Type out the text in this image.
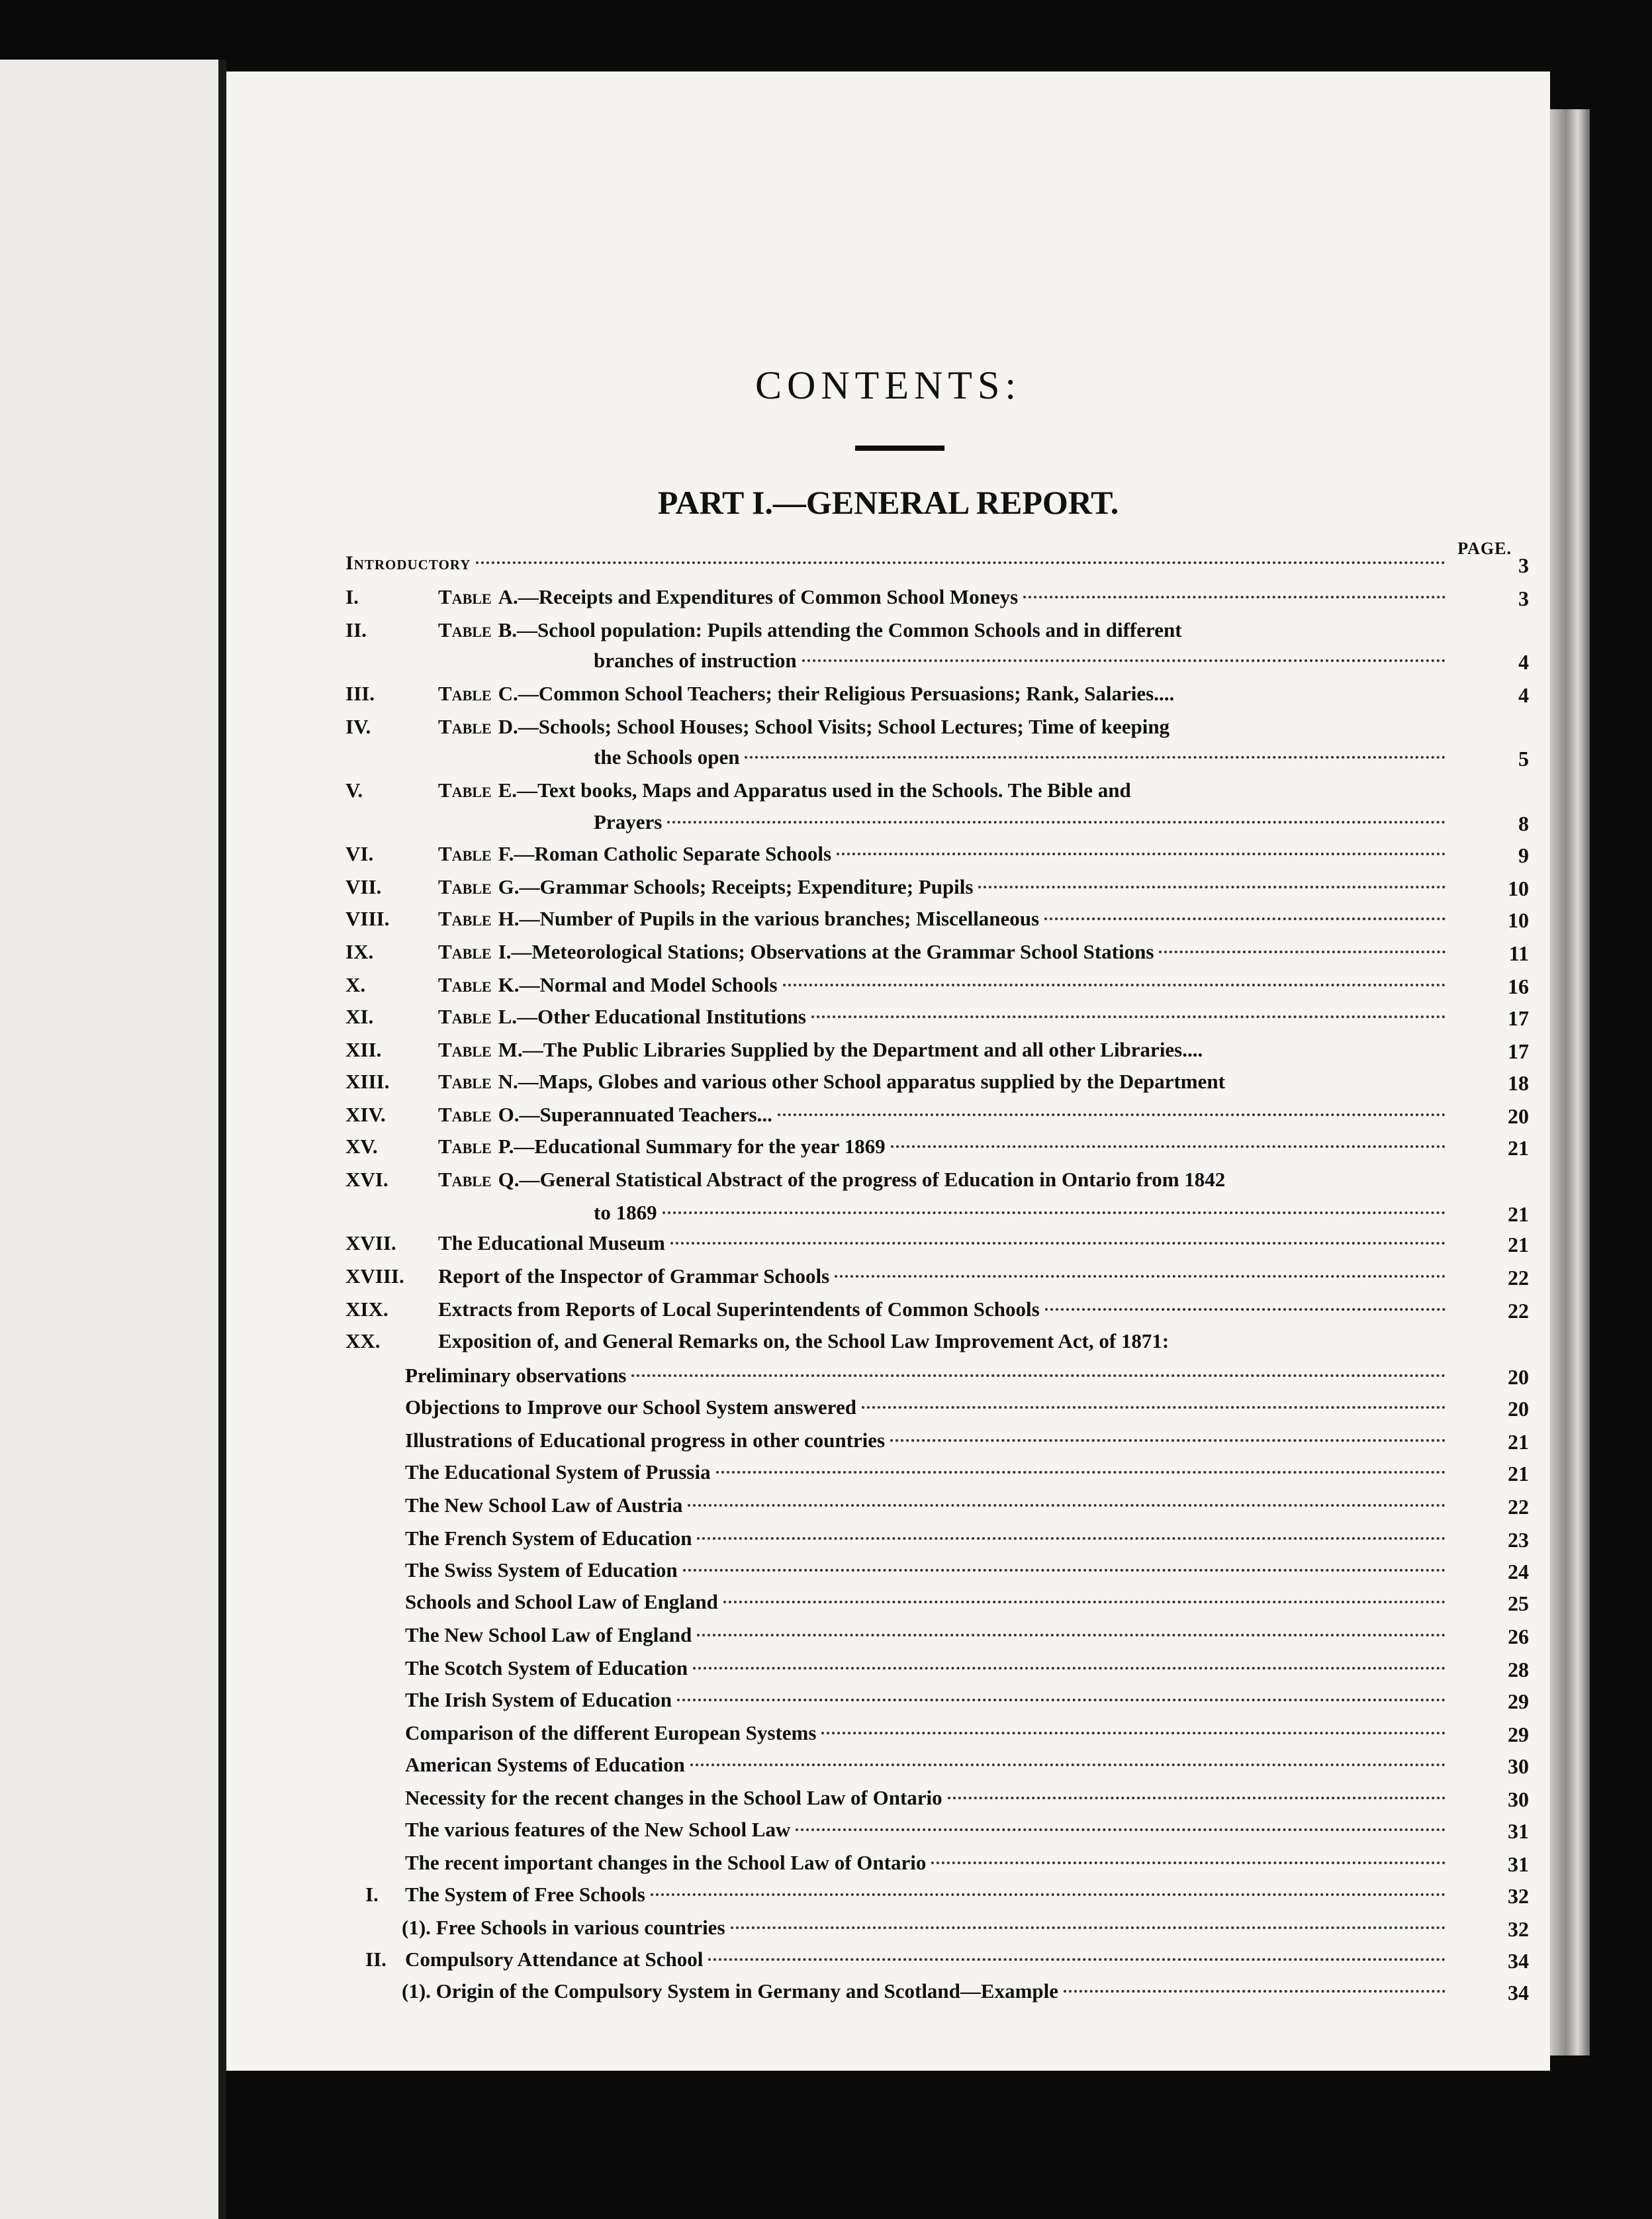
CONTENTS:
PART I.—GENERAL REPORT.
PAGE.
Introductory	3
I.	Table A.—Receipts and Expenditures of Common School Moneys	3
II.	Table B.—School population: Pupils attending the Common Schools and in different
branches of instruction	4
III.	Table C.—Common School Teachers; their Religious Persuasions; Rank, Salaries....	4
IV.	Table D.—Schools; School Houses; School Visits; School Lectures; Time of keeping
the Schools open	5
V.	Table E.—Text books, Maps and Apparatus used in the Schools. The Bible and
Prayers	8
VI.	Table F.—Roman Catholic Separate Schools	9
VII.	Table G.—Grammar Schools; Receipts; Expenditure; Pupils	10
VIII.	Table H.—Number of Pupils in the various branches; Miscellaneous	10
IX.	Table I.—Meteorological Stations; Observations at the Grammar School Stations	11
X.	Table K.—Normal and Model Schools	16
XI.	Table L.—Other Educational Institutions	17
XII.	Table M.—The Public Libraries Supplied by the Department and all other Libraries....	17
XIII.	Table N.—Maps, Globes and various other School apparatus supplied by the Department	18
XIV.	Table O.—Superannuated Teachers...	20
XV.	Table P.—Educational Summary for the year 1869	21
XVI.	Table Q.—General Statistical Abstract of the progress of Education in Ontario from 1842
to 1869	21
XVII.	The Educational Museum	21
XVIII.	Report of the Inspector of Grammar Schools	22
XIX.	Extracts from Reports of Local Superintendents of Common Schools	22
XX.	Exposition of, and General Remarks on, the School Law Improvement Act, of 1871:
Preliminary observations	20
Objections to Improve our School System answered	20
Illustrations of Educational progress in other countries	21
The Educational System of Prussia	21
The New School Law of Austria	22
The French System of Education	23
The Swiss System of Education	24
Schools and School Law of England	25
The New School Law of England	26
The Scotch System of Education	28
The Irish System of Education	29
Comparison of the different European Systems	29
American Systems of Education	30
Necessity for the recent changes in the School Law of Ontario	30
The various features of the New School Law	31
The recent important changes in the School Law of Ontario	31
I.	The System of Free Schools	32
(1). Free Schools in various countries	32
II. Compulsory Attendance at School	34
(1). Origin of the Compulsory System in Germany and Scotland—Example	34
